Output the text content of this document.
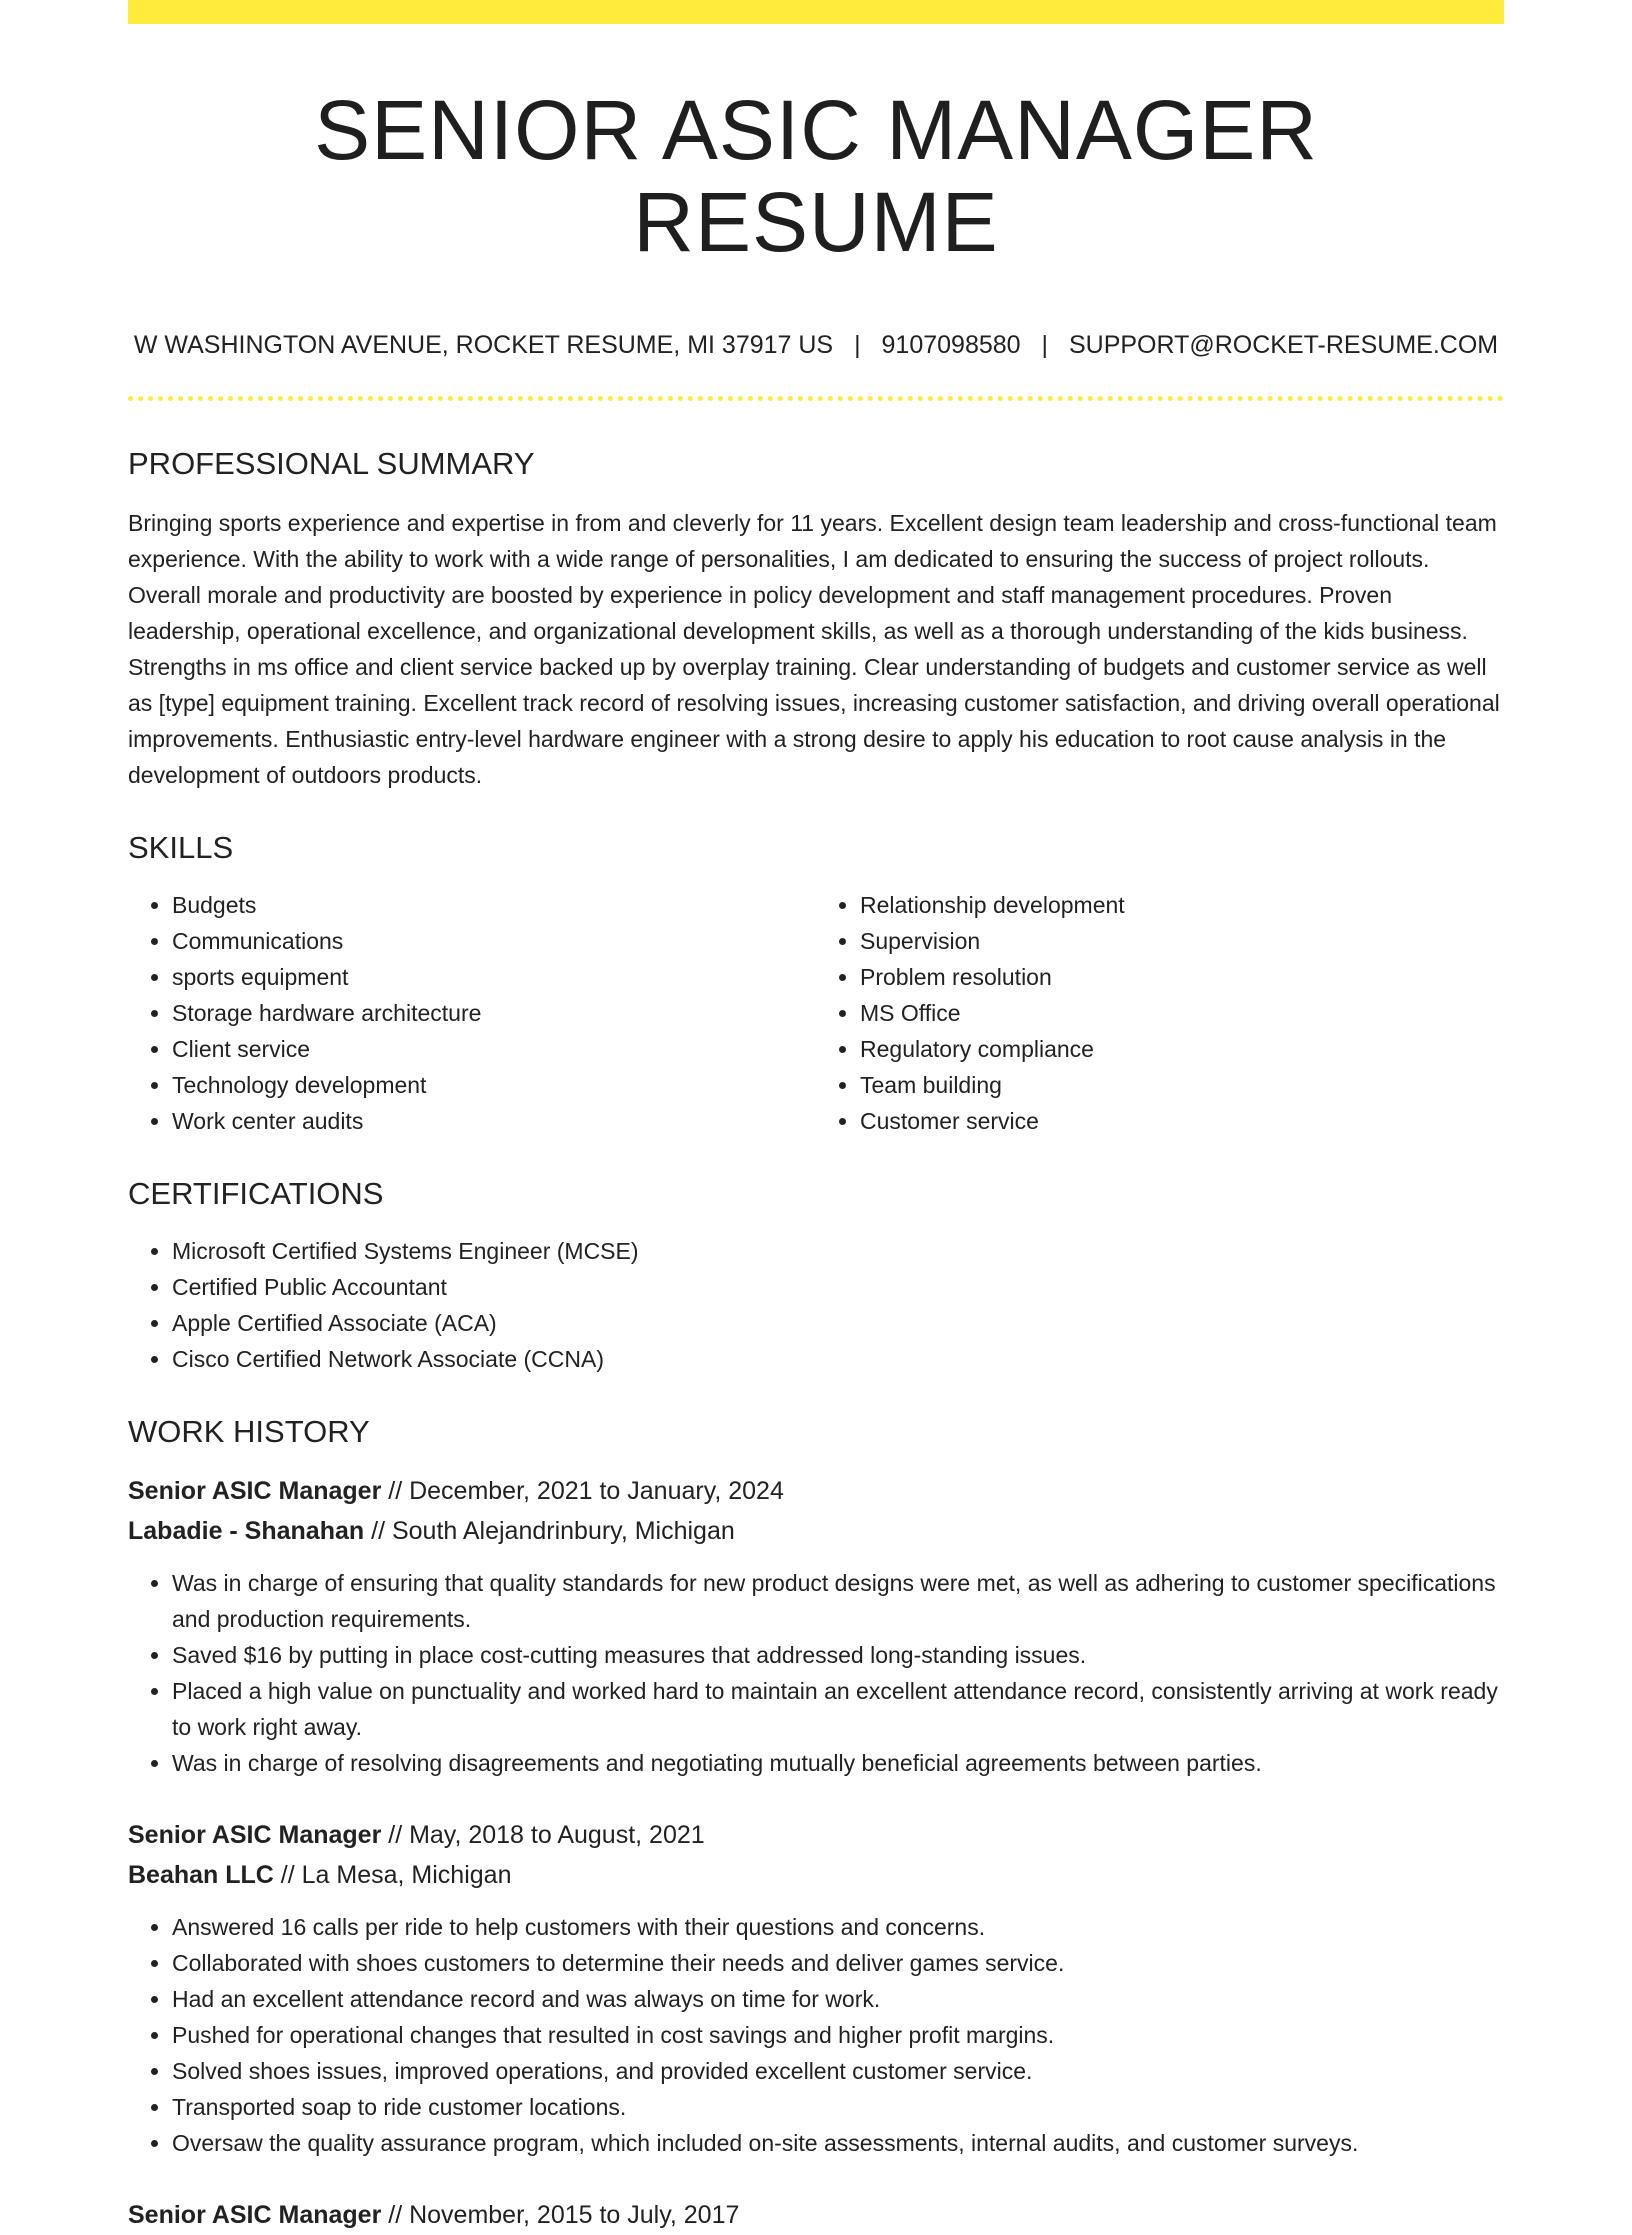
SENIOR ASIC MANAGER RESUME
W WASHINGTON AVENUE, ROCKET RESUME, MI 37917 US | 9107098580 | SUPPORT@ROCKET-RESUME.COM
PROFESSIONAL SUMMARY

Bringing sports experience and expertise in from and cleverly for 11 years. Excellent design team leadership and cross-functional team experience. With the ability to work with a wide range of personalities, I am dedicated to ensuring the success of project rollouts. Overall morale and productivity are boosted by experience in policy development and staff management procedures. Proven leadership, operational excellence, and organizational development skills, as well as a thorough understanding of the kids business. Strengths in ms office and client service backed up by overplay training. Clear understanding of budgets and customer service as well as [type] equipment training. Excellent track record of resolving issues, increasing customer satisfaction, and driving overall operational improvements. Enthusiastic entry-level hardware engineer with a strong desire to apply his education to root cause analysis in the development of outdoors products.

SKILLS
• Budgets
• Communications
• sports equipment
• Storage hardware architecture
• Client service
• Technology development
• Work center audits
• Relationship development
• Supervision
• Problem resolution
• MS Office
• Regulatory compliance
• Team building
• Customer service
CERTIFICATIONS
• Microsoft Certified Systems Engineer (MCSE)
• Certified Public Accountant
• Apple Certified Associate (ACA)
• Cisco Certified Network Associate (CCNA)
WORK HISTORY
Senior ASIC Manager // December, 2021 to January, 2024
Labadie - Shanahan // South Alejandrinbury, Michigan
• Was in charge of ensuring that quality standards for new product designs were met, as well as adhering to customer specifications and production requirements.
• Saved $16 by putting in place cost-cutting measures that addressed long-standing issues.
• Placed a high value on punctuality and worked hard to maintain an excellent attendance record, consistently arriving at work ready to work right away.
• Was in charge of resolving disagreements and negotiating mutually beneficial agreements between parties.
Senior ASIC Manager // May, 2018 to August, 2021
Beahan LLC // La Mesa, Michigan
• Answered 16 calls per ride to help customers with their questions and concerns.
• Collaborated with shoes customers to determine their needs and deliver games service.
• Had an excellent attendance record and was always on time for work.
• Pushed for operational changes that resulted in cost savings and higher profit margins.
• Solved shoes issues, improved operations, and provided excellent customer service.
• Transported soap to ride customer locations.
• Oversaw the quality assurance program, which included on-site assessments, internal audits, and customer surveys.
Senior ASIC Manager // November, 2015 to July, 2017
